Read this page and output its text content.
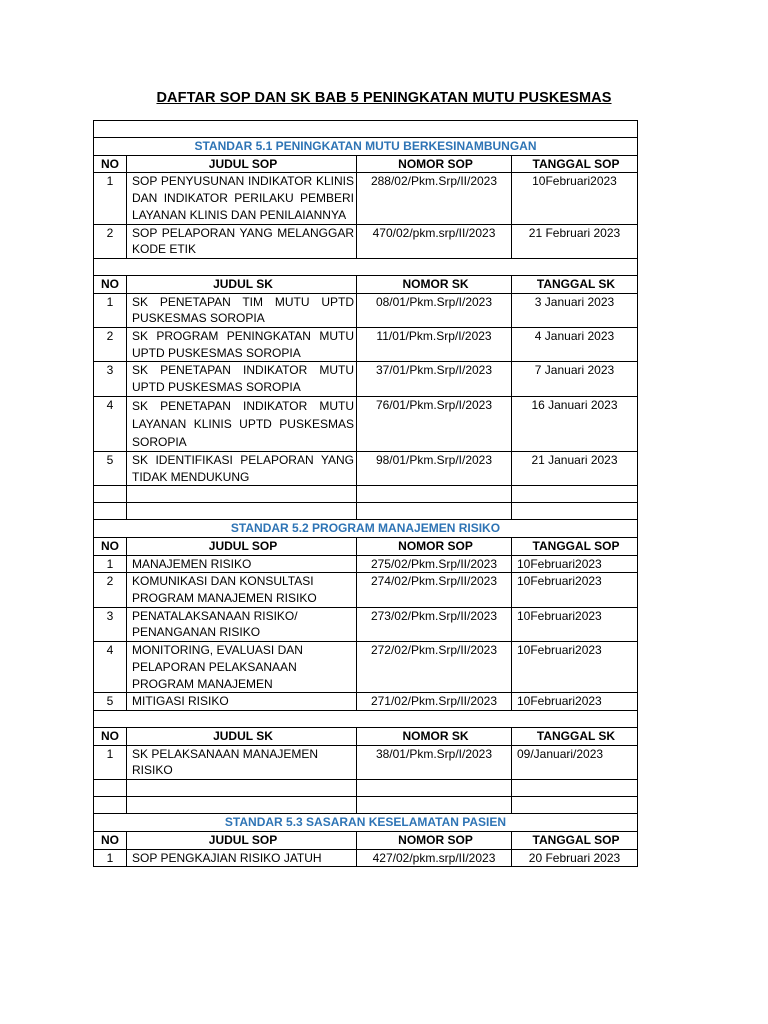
DAFTAR SOP DAN SK BAB 5 PENINGKATAN MUTU PUSKESMAS

STANDAR 5.1 PENINGKATAN MUTU BERKESINAMBUNGAN			
NO	JUDUL SOP	NOMOR SOP	TANGGAL SOP
1	SOP PENYUSUNAN INDIKATOR KLINIS DAN INDIKATOR PERILAKU PEMBERI LAYANAN KLINIS DAN PENILAIANNYA	288/02/Pkm.Srp/II/2023	10Februari2023
2	SOP PELAPORAN YANG MELANGGAR KODE ETIK	470/02/pkm.srp/II/2023	21 Februari 2023

NO	JUDUL SK	NOMOR SK	TANGGAL SK
1	SK PENETAPAN TIM MUTU UPTD PUSKESMAS SOROPIA	08/01/Pkm.Srp/I/2023	3 Januari 2023
2	SK PROGRAM PENINGKATAN MUTU UPTD PUSKESMAS SOROPIA	11/01/Pkm.Srp/I/2023	4 Januari 2023
3	SK PENETAPAN INDIKATOR MUTU UPTD PUSKESMAS SOROPIA	37/01/Pkm.Srp/I/2023	7 Januari 2023
4	SK PENETAPAN INDIKATOR MUTU LAYANAN KLINIS UPTD PUSKESMAS SOROPIA	76/01/Pkm.Srp/I/2023	16 Januari 2023
5	SK IDENTIFIKASI PELAPORAN YANG TIDAK MENDUKUNG	98/01/Pkm.Srp/I/2023	21 Januari 2023

STANDAR 5.2 PROGRAM MANAJEMEN RISIKO			
NO	JUDUL SOP	NOMOR SOP	TANGGAL SOP
1	MANAJEMEN RISIKO	275/02/Pkm.Srp/II/2023	10Februari2023
2	KOMUNIKASI DAN KONSULTASI PROGRAM MANAJEMEN RISIKO	274/02/Pkm.Srp/II/2023	10Februari2023
3	PENATALAKSANAAN RISIKO/ PENANGANAN RISIKO	273/02/Pkm.Srp/II/2023	10Februari2023
4	MONITORING, EVALUASI DAN PELAPORAN PELAKSANAAN PROGRAM MANAJEMEN	272/02/Pkm.Srp/II/2023	10Februari2023
5	MITIGASI RISIKO	271/02/Pkm.Srp/II/2023	10Februari2023

NO	JUDUL SK	NOMOR SK	TANGGAL SK
1	SK PELAKSANAAN MANAJEMEN RISIKO	38/01/Pkm.Srp/I/2023	09/Januari/2023

STANDAR 5.3 SASARAN KESELAMATAN PASIEN			
NO	JUDUL SOP	NOMOR SOP	TANGGAL SOP
1	SOP PENGKAJIAN RISIKO JATUH	427/02/pkm.srp/II/2023	20 Februari 2023
